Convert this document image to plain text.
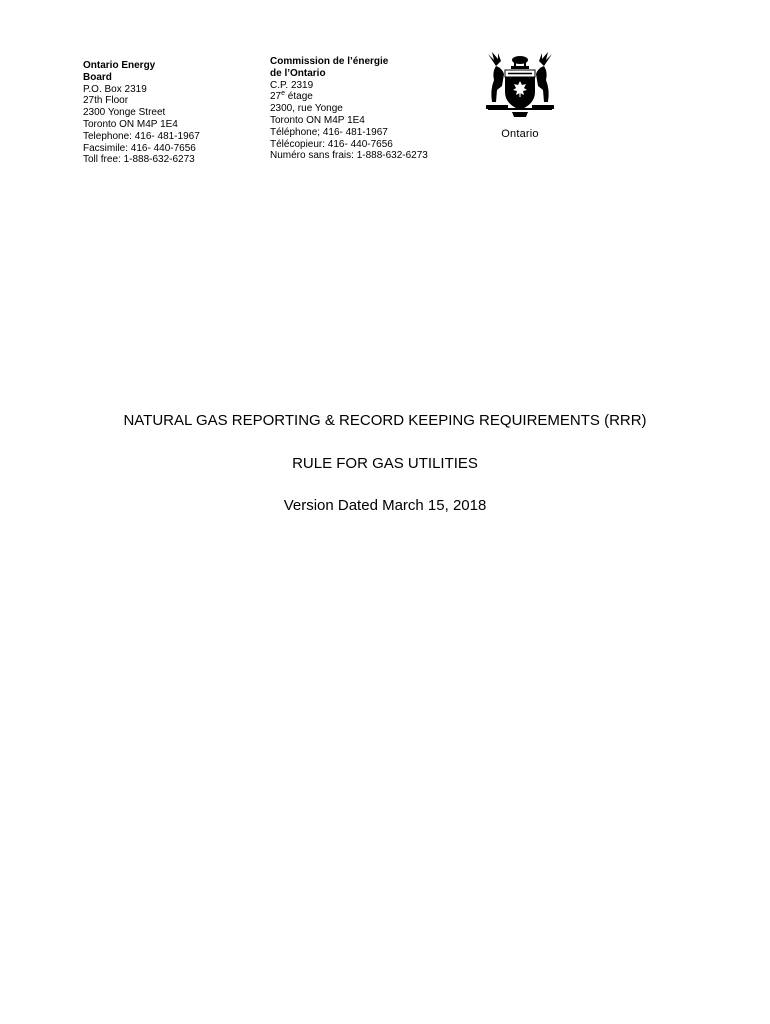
Ontario Energy
Board
P.O. Box 2319
27th Floor
2300 Yonge Street
Toronto ON M4P 1E4
Telephone: 416- 481-1967
Facsimile: 416- 440-7656
Toll free: 1-888-632-6273
Commission de l’énergie
de l’Ontario
C.P. 2319
27e étage
2300, rue Yonge
Toronto ON M4P 1E4
Téléphone; 416- 481-1967
Télécopieur: 416- 440-7656
Numéro sans frais: 1-888-632-6273
Ontario
NATURAL GAS REPORTING & RECORD KEEPING REQUIREMENTS (RRR)
RULE FOR GAS UTILITIES
Version Dated March 15, 2018
